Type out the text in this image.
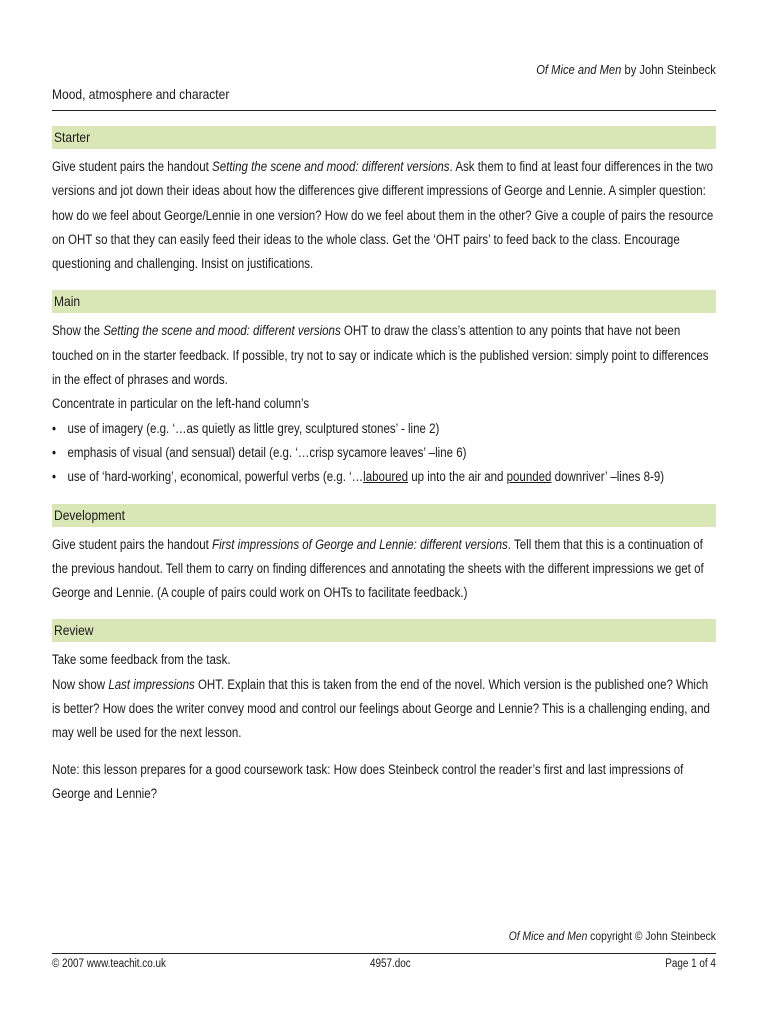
Of Mice and Men by John Steinbeck
Mood, atmosphere and character
Starter

Give student pairs the handout Setting the scene and mood: different versions. Ask them to find at least four differences in the two versions and jot down their ideas about how the differences give different impressions of George and Lennie. A simpler question: how do we feel about George/Lennie in one version? How do we feel about them in the other? Give a couple of pairs the resource on OHT so that they can easily feed their ideas to the whole class. Get the ‘OHT pairs’ to feed back to the class. Encourage questioning and challenging. Insist on justifications.

Main
Show the Setting the scene and mood: different versions OHT to draw the class’s attention to any points that have not been touched on in the starter feedback. If possible, try not to say or indicate which is the published version: simply point to differences in the effect of phrases and words.
Concentrate in particular on the left-hand column’s
• use of imagery (e.g. ‘…as quietly as little grey, sculptured stones’ - line 2)
• emphasis of visual (and sensual) detail (e.g. ‘…crisp sycamore leaves’ –line 6)
• use of ‘hard-working’, economical, powerful verbs (e.g. ‘…laboured up into the air and pounded downriver’ –lines 8-9)
Development

Give student pairs the handout First impressions of George and Lennie: different versions. Tell them that this is a continuation of the previous handout. Tell them to carry on finding differences and annotating the sheets with the different impressions we get of George and Lennie. (A couple of pairs could work on OHTs to facilitate feedback.)

Review
Take some feedback from the task.
Now show Last impressions OHT. Explain that this is taken from the end of the novel. Which version is the published one? Which is better? How does the writer convey mood and control our feelings about George and Lennie? This is a challenging ending, and may well be used for the next lesson.
Note: this lesson prepares for a good coursework task: How does Steinbeck control the reader’s first and last impressions of George and Lennie?
Of Mice and Men copyright © John Steinbeck
© 2007 www.teachit.co.uk	4957.doc	Page 1 of 4
